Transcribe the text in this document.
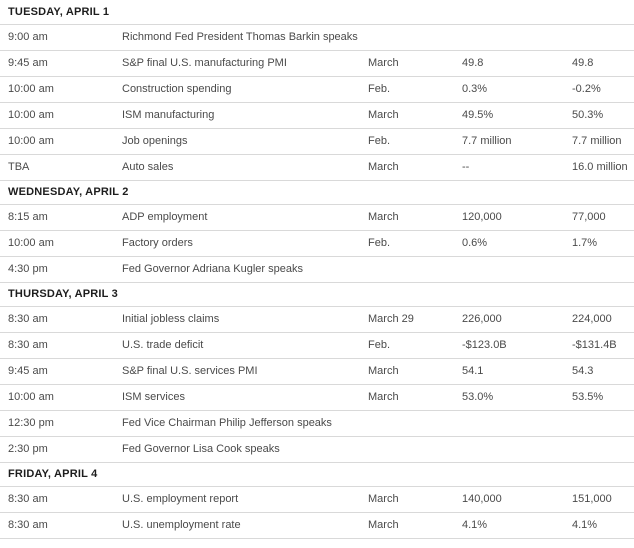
TUESDAY, APRIL 1				
9:00 am	Richmond Fed President Thomas Barkin speaks			
9:45 am	S&P final U.S. manufacturing PMI	March	49.8	49.8
10:00 am	Construction spending	Feb.	0.3%	-0.2%
10:00 am	ISM manufacturing	March	49.5%	50.3%
10:00 am	Job openings	Feb.	7.7 million	7.7 million
TBA	Auto sales	March	--	16.0 million
WEDNESDAY, APRIL 2				
8:15 am	ADP employment	March	120,000	77,000
10:00 am	Factory orders	Feb.	0.6%	1.7%
4:30 pm	Fed Governor Adriana Kugler speaks			
THURSDAY, APRIL 3				
8:30 am	Initial jobless claims	March 29	226,000	224,000
8:30 am	U.S. trade deficit	Feb.	-$123.0B	-$131.4B
9:45 am	S&P final U.S. services PMI	March	54.1	54.3
10:00 am	ISM services	March	53.0%	53.5%
12:30 pm	Fed Vice Chairman Philip Jefferson speaks			
2:30 pm	Fed Governor Lisa Cook speaks			
FRIDAY, APRIL 4				
8:30 am	U.S. employment report	March	140,000	151,000
8:30 am	U.S. unemployment rate	March	4.1%	4.1%
